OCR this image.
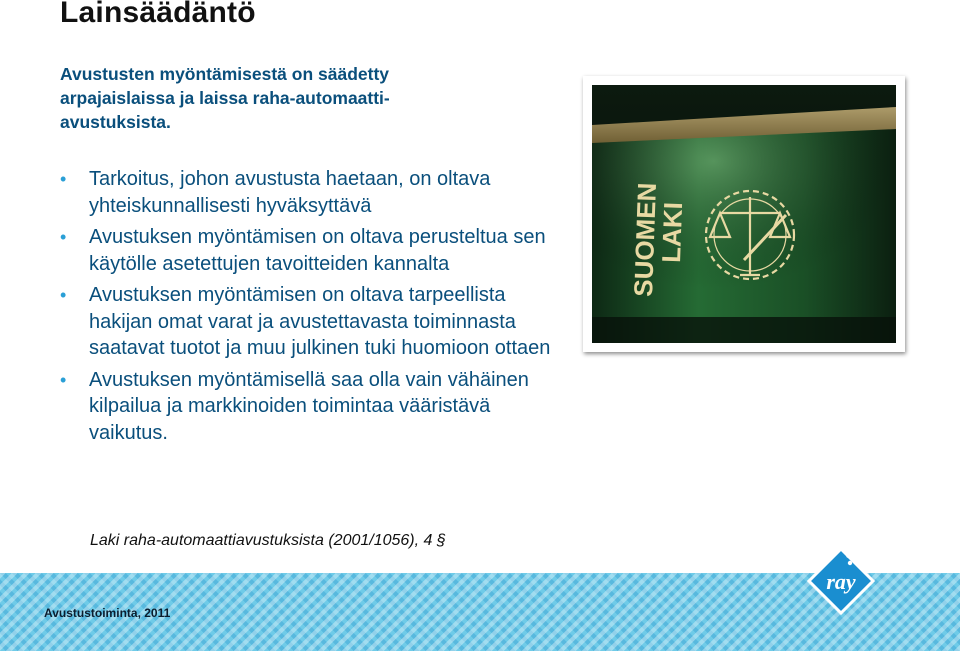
Lainsäädäntö

Avustusten myöntämisestä on säädetty arpajaislaissa ja laissa raha-automaatti-avustuksista.

• Tarkoitus, johon avustusta haetaan, on oltava yhteiskunnallisesti hyväksyttävä
• Avustuksen myöntämisen on oltava perusteltua sen käytölle asetettujen tavoitteiden kannalta
• Avustuksen myöntämisen on oltava tarpeellista hakijan omat varat ja avustettavasta toiminnasta saatavat tuotot ja muu julkinen tuki huomioon ottaen
• Avustuksen myöntämisellä saa olla vain vähäinen kilpailua ja markkinoiden toimintaa vääristävä vaikutus.
SUOMEN
LAKI
Laki raha-automaattiavustuksista (2001/1056), 4 §
Avustustoiminta, 2011
ray
